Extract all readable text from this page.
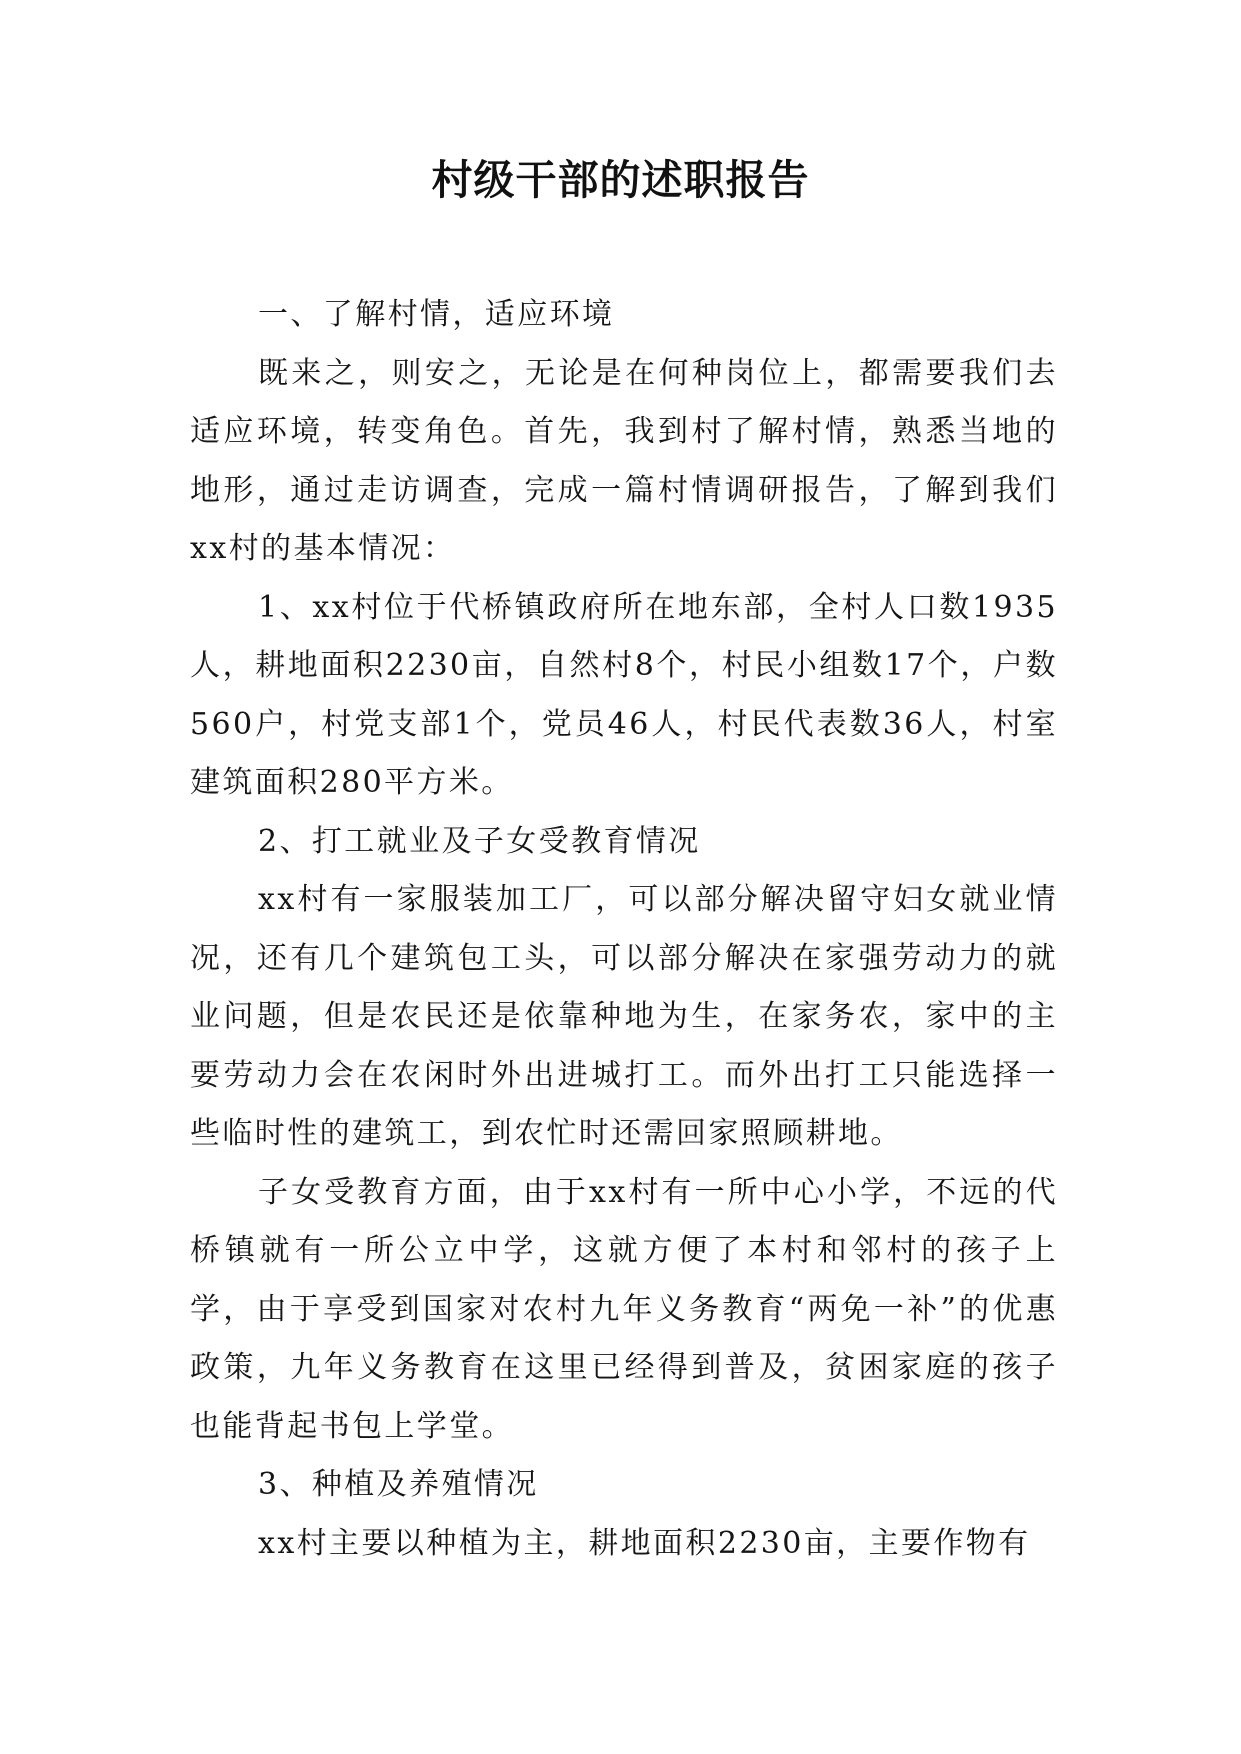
村级干部的述职报告

一、了解村情，适应环境

既来之，则安之，无论是在何种岗位上，都需要我们去适应环境，转变角色。首先，我到村了解村情，熟悉当地的地形，通过走访调查，完成一篇村情调研报告，了解到我们xx村的基本情况：

1、xx村位于代桥镇政府所在地东部，全村人口数1935人，耕地面积2230亩，自然村8个，村民小组数17个，户数560户，村党支部1个，党员46人，村民代表数36人，村室建筑面积280平方米。

2、打工就业及子女受教育情况

xx村有一家服装加工厂，可以部分解决留守妇女就业情况，还有几个建筑包工头，可以部分解决在家强劳动力的就业问题，但是农民还是依靠种地为生，在家务农，家中的主要劳动力会在农闲时外出进城打工。而外出打工只能选择一些临时性的建筑工，到农忙时还需回家照顾耕地。

子女受教育方面，由于xx村有一所中心小学，不远的代桥镇就有一所公立中学，这就方便了本村和邻村的孩子上学，由于享受到国家对农村九年义务教育“两免一补”的优惠政策，九年义务教育在这里已经得到普及，贫困家庭的孩子也能背起书包上学堂。

3、种植及养殖情况

xx村主要以种植为主，耕地面积2230亩，主要作物有
